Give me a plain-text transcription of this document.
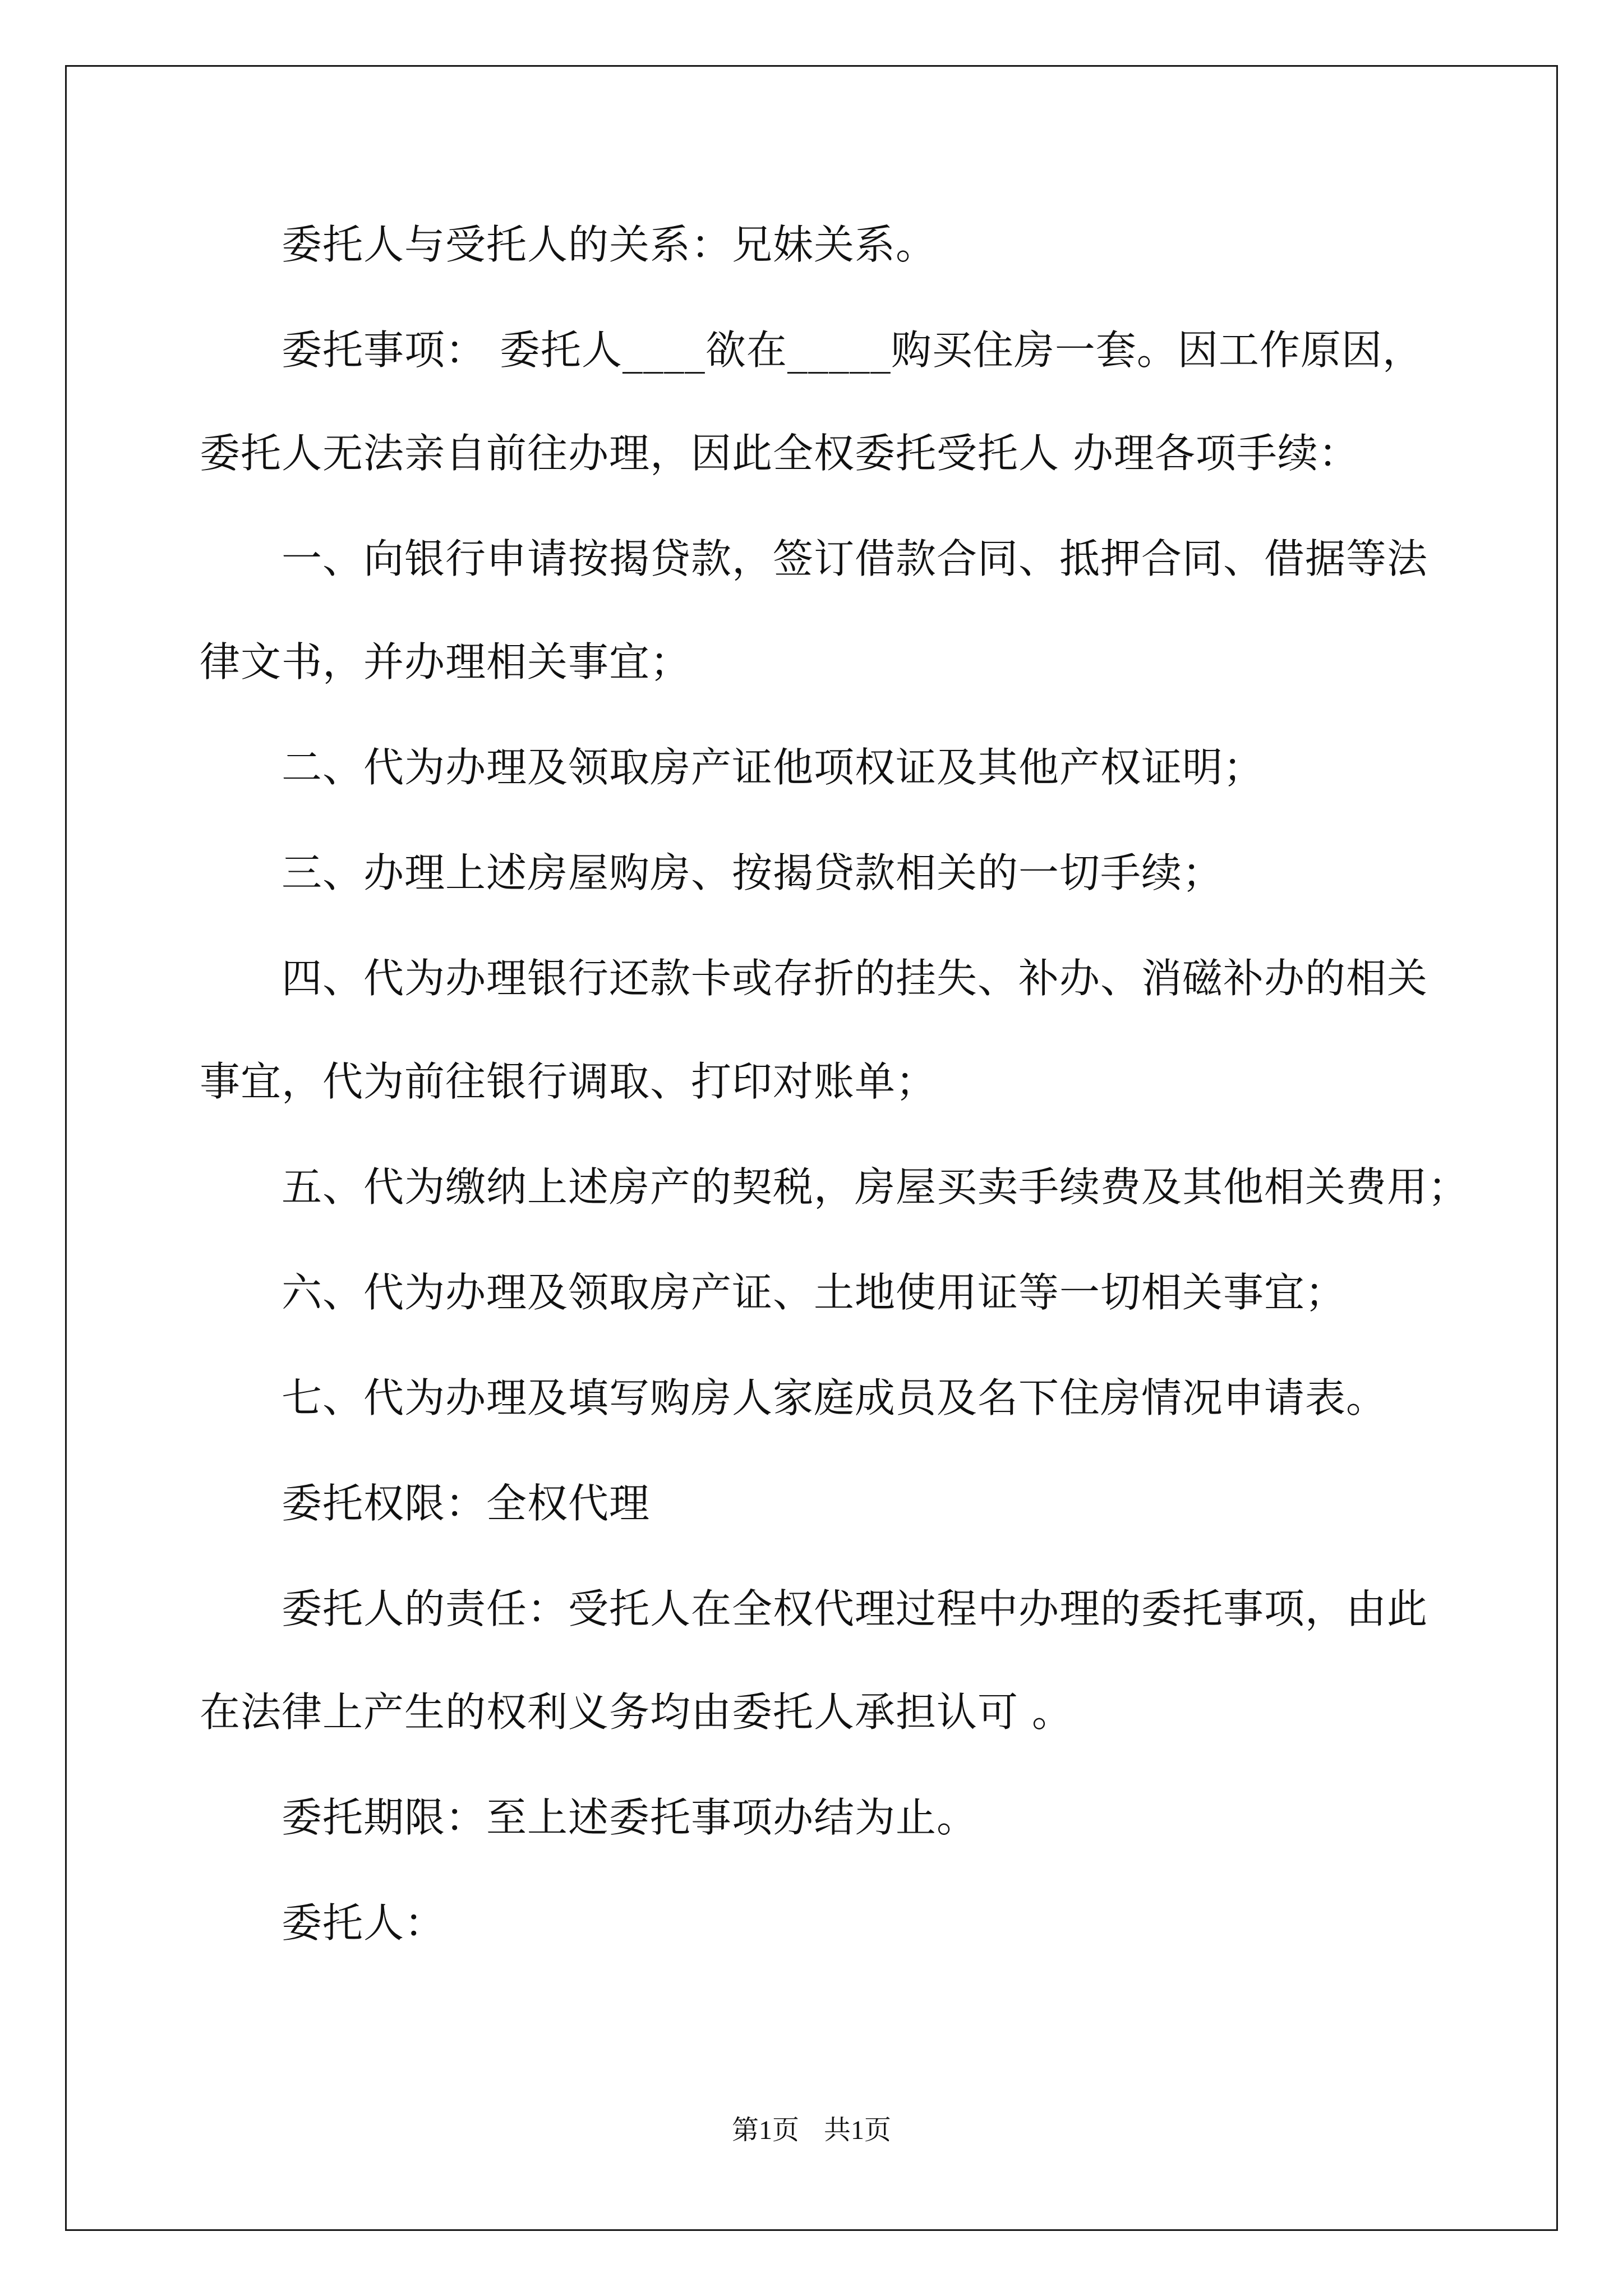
委托人与受托人的关系：兄妹关系。
委托事项： 委托人____欲在_____购买住房一套。因工作原因，
委托人无法亲自前往办理，因此全权委托受托人 办理各项手续：
一、向银行申请按揭贷款，签订借款合同、抵押合同、借据等法
律文书，并办理相关事宜；
二、代为办理及领取房产证他项权证及其他产权证明；
三、办理上述房屋购房、按揭贷款相关的一切手续；
四、代为办理银行还款卡或存折的挂失、补办、消磁补办的相关
事宜，代为前往银行调取、打印对账单；
五、代为缴纳上述房产的契税，房屋买卖手续费及其他相关费用；
六、代为办理及领取房产证、土地使用证等一切相关事宜；
七、代为办理及填写购房人家庭成员及名下住房情况申请表。
委托权限：全权代理
委托人的责任：受托人在全权代理过程中办理的委托事项，由此
在法律上产生的权利义务均由委托人承担认可 。
委托期限：至上述委托事项办结为止。
委托人：
第1页 共1页
